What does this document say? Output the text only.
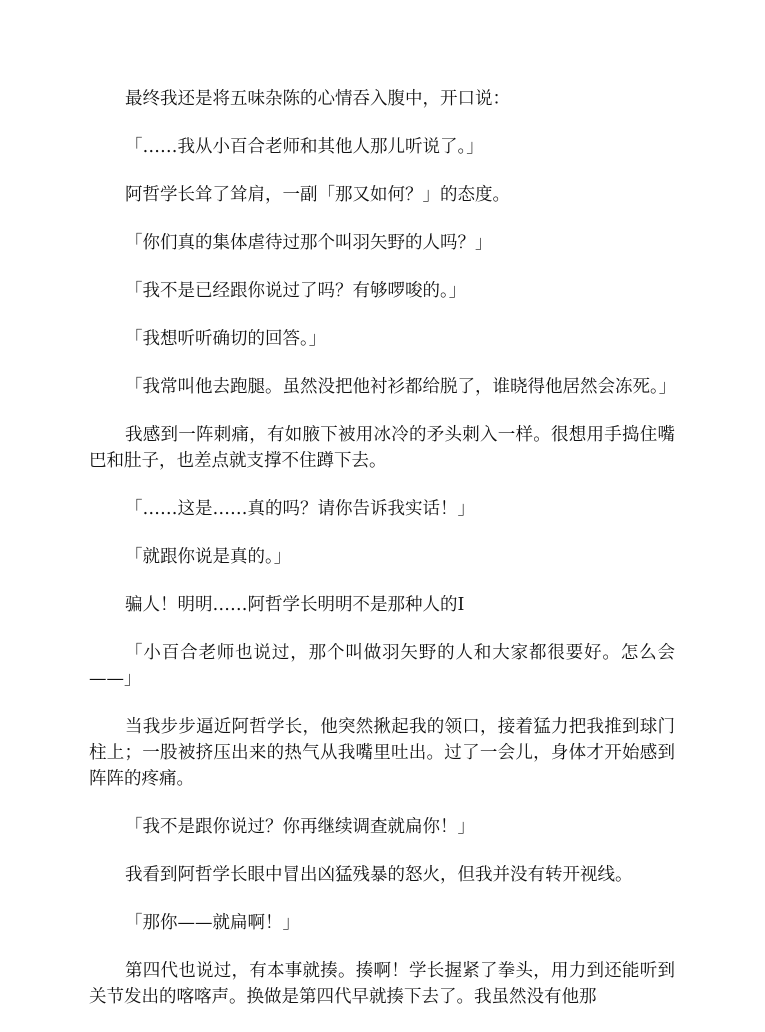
最终我还是将五味杂陈的心情吞入腹中，开口说：

「……我从小百合老师和其他人那儿听说了。」

阿哲学长耸了耸肩，一副「那又如何？」的态度。

「你们真的集体虐待过那个叫羽矢野的人吗？」

「我不是已经跟你说过了吗？有够啰唆的。」

「我想听听确切的回答。」

「我常叫他去跑腿。虽然没把他衬衫都给脱了，谁晓得他居然会冻死。」

我感到一阵刺痛，有如腋下被用冰冷的矛头刺入一样。很想用手捣住嘴巴和肚子，也差点就支撑不住蹲下去。

「……这是……真的吗？请你告诉我实话！」

「就跟你说是真的。」

骗人！明明……阿哲学长明明不是那种人的I

「小百合老师也说过，那个叫做羽矢野的人和大家都很要好。怎么会——」

当我步步逼近阿哲学长，他突然揪起我的领口，接着猛力把我推到球门柱上；一股被挤压出来的热气从我嘴里吐出。过了一会儿，身体才开始感到阵阵的疼痛。

「我不是跟你说过？你再继续调查就扁你！」

我看到阿哲学长眼中冒出凶猛残暴的怒火，但我并没有转开视线。

「那你——就扁啊！」

第四代也说过，有本事就揍。揍啊！学长握紧了拳头，用力到还能听到关节发出的喀喀声。换做是第四代早就揍下去了。我虽然没有他那
